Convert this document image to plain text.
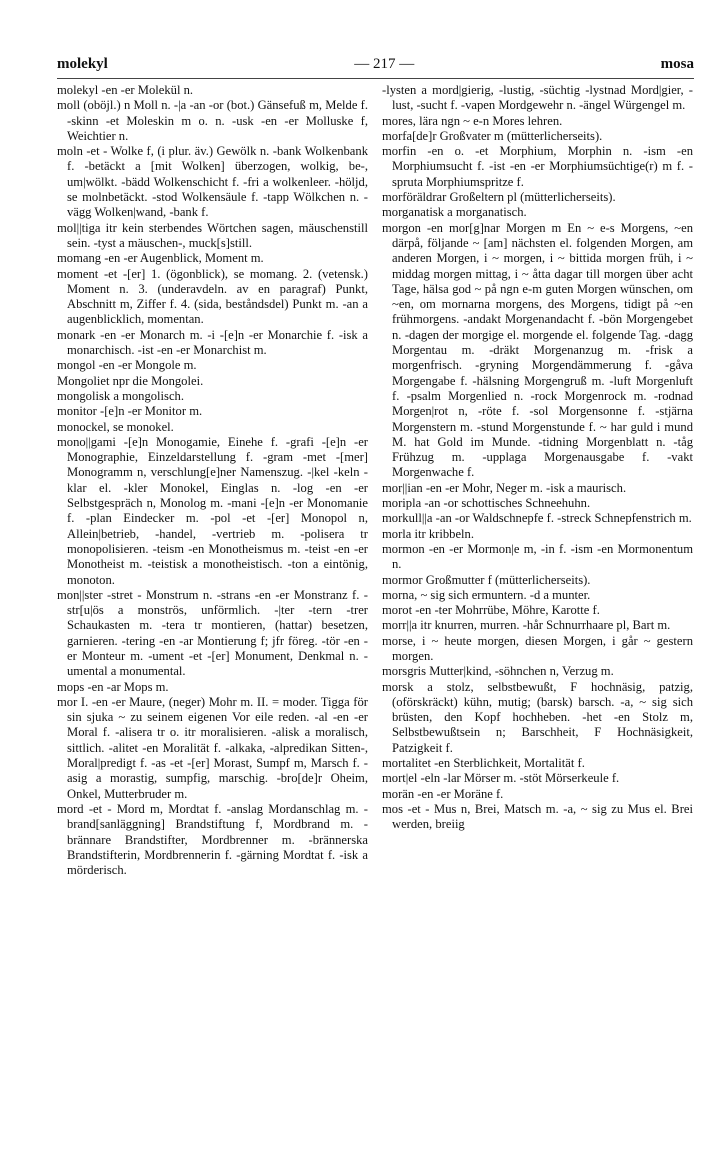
molekyl	— 217 —	mosa

molekyl -en -er Molekül n.

moll (oböjl.) n Moll n. -|a -an -or (bot.) Gänsefuß m, Melde f. -skinn -et Moleskin m o. n. -usk -en -er Molluske f, Weichtier n.

moln -et - Wolke f, (i plur. äv.) Gewölk n. -bank Wolkenbank f. -betäckt a [mit Wolken] überzogen, wolkig, be-, um|wölkt. -bädd Wolkenschicht f. -fri a wolkenleer. -höljd, se molnbetäckt. -stod Wolkensäule f. -tapp Wölkchen n. -vägg Wolken|wand, -bank f.

mol||tiga itr kein sterbendes Wörtchen sagen, mäuschenstill sein. -tyst a mäuschen-, muck[s]still.

momang -en -er Augenblick, Moment m.

moment -et -[er] 1. (ögonblick), se momang. 2. (vetensk.) Moment n. 3. (underavdeln. av en paragraf) Punkt, Abschnitt m, Ziffer f. 4. (sida, beståndsdel) Punkt m. -an a augenblicklich, momentan.

monark -en -er Monarch m. -i -[e]n -er Monarchie f. -isk a monarchisch. -ist -en -er Monarchist m.

mongol -en -er Mongole m.

Mongoliet npr die Mongolei.

mongolisk a mongolisch.

monitor -[e]n -er Monitor m.

monockel, se monokel.

mono||gami -[e]n Monogamie, Einehe f. -grafi -[e]n -er Monographie, Einzeldarstellung f. -gram -met -[mer] Monogramm n, verschlung[e]ner Namenszug. -|kel -keln -klar el. -kler Monokel, Einglas n. -log -en -er Selbstgespräch n, Monolog m. -mani -[e]n -er Monomanie f. -plan Eindecker m. -pol -et -[er] Monopol n, Allein|betrieb, -handel, -vertrieb m. -polisera tr monopolisieren. -teism -en Monotheismus m. -teist -en -er Monotheist m. -teistisk a monotheistisch. -ton a eintönig, monoton.

mon||ster -stret - Monstrum n. -strans -en -er Monstranz f. -str[u|ös a monströs, unförmlich. -|ter -tern -trer Schaukasten m. -tera tr montieren, (hattar) besetzen, garnieren. -tering -en -ar Montierung f; jfr föreg. -tör -en -er Monteur m. -ument -et -[er] Monument, Denkmal n. -umental a monumental.

mops -en -ar Mops m.

mor I. -en -er Maure, (neger) Mohr m. II. = moder. Tigga för sin sjuka ~ zu seinem eigenen Vor eile reden. -al -en -er Moral f. -alisera tr o. itr moralisieren. -alisk a moralisch, sittlich. -alitet -en Moralität f. -alkaka, -alpredikan Sitten-, Moral|predigt f. -as -et -[er] Morast, Sumpf m, Marsch f. -asig a morastig, sumpfig, marschig. -bro[de]r Oheim, Onkel, Mutterbruder m.

mord -et - Mord m, Mordtat f. -anslag Mordanschlag m. -brand[sanläggning] Brandstiftung f, Mordbrand m. -brännare Brandstifter, Mordbrenner m. -brännerska Brandstifterin, Mordbrennerin f. -gärning Mordtat f. -isk a mörderisch.

-lysten a mord|gierig, -lustig, -süchtig -lystnad Mord|gier, -lust, -sucht f. -vapen Mordgewehr n. -ängel Würgengel m.

mores, lära ngn ~ e-n Mores lehren.

morfa[de]r Großvater m (mütterlicherseits).

morfin -en o. -et Morphium, Morphin n. -ism -en Morphiumsucht f. -ist -en -er Morphiumsüchtige(r) m f. -spruta Morphiumspritze f.

morföräldrar Großeltern pl (mütterlicherseits).

morganatisk a morganatisch.

morgon -en mor[g]nar Morgen m En ~ e-s Morgens, ~en därpå, följande ~ [am] nächsten el. folgenden Morgen, am anderen Morgen, i ~ morgen, i ~ bittida morgen früh, i ~ middag morgen mittag, i ~ åtta dagar till morgen über acht Tage, hälsa god ~ på ngn e-m guten Morgen wünschen, om ~en, om mornarna morgens, des Morgens, tidigt på ~en frühmorgens. -andakt Morgenandacht f. -bön Morgengebet n. -dagen der morgige el. morgende el. folgende Tag. -dagg Morgentau m. -dräkt Morgenanzug m. -frisk a morgenfrisch. -gryning Morgendämmerung f. -gåva Morgengabe f. -hälsning Morgengruß m. -luft Morgenluft f. -psalm Morgenlied n. -rock Morgenrock m. -rodnad Morgen|rot n, -röte f. -sol Morgensonne f. -stjärna Morgenstern m. -stund Morgenstunde f. ~ har guld i mund M. hat Gold im Munde. -tidning Morgenblatt n. -tåg Frühzug m. -upplaga Morgenausgabe f. -vakt Morgenwache f.

mor||ian -en -er Mohr, Neger m. -isk a maurisch.

moripla -an -or schottisches Schneehuhn.

morkull||a -an -or Waldschnepfe f. -streck Schnepfenstrich m.

morla itr kribbeln.

mormon -en -er Mormon|e m, -in f. -ism -en Mormonentum n.

mormor Großmutter f (mütterlicherseits).

morna, ~ sig sich ermuntern. -d a munter.

morot -en -ter Mohrrübe, Möhre, Karotte f.

morr||a itr knurren, murren. -hår Schnurrhaare pl, Bart m.

morse, i ~ heute morgen, diesen Morgen, i går ~ gestern morgen.

morsgris Mutter|kind, -söhnchen n, Verzug m.

morsk a stolz, selbstbewußt, F hochnäsig, patzig, (oförskräckt) kühn, mutig; (barsk) barsch. -a, ~ sig sich brüsten, den Kopf hochheben. -het -en Stolz m, Selbstbewußtsein n; Barschheit, F Hochnäsigkeit, Patzigkeit f.

mortalitet -en Sterblichkeit, Mortalität f.

mort|el -eln -lar Mörser m. -stöt Mörserkeule f.

morän -en -er Moräne f.

mos -et - Mus n, Brei, Matsch m. -a, ~ sig zu Mus el. Brei werden, breiig
